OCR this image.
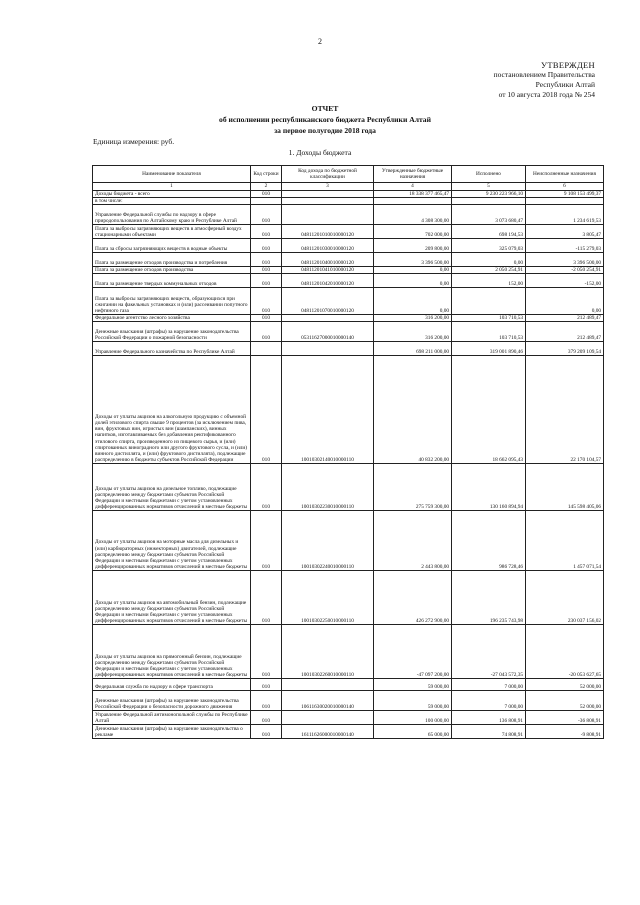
2
УТВЕРЖДЕН
постановлением Правительства
Республики Алтай
от 10 августа 2018 года № 254
ОТЧЕТ
об исполнении республиканского бюджета Республики Алтай
за первое полугодие 2018 года
Единица измерения: руб.
1. Доходы бюджета
Наименование показателя	Код строки	Код дохода по бюджетной классификации	Утвержденные бюджетные назначения	Исполнено	Неисполненные назначения
1	2	3	4	5	6
Доходы бюджета - всего	010		18 338 377 465,47	9 230 223 966,10	9 108 153 499,37
в том числе:					
Управление Федеральной службы по надзору в сфере природопользования по Алтайскому краю и Республике Алтай	010		4 308 300,00	3 073 680,47	1 234 619,53
Плата за выбросы загрязняющих веществ в атмосферный воздух стационарными объектами	010	04811201010010000120	702 000,00	698 194,53	3 805,47
Плата за сбросы загрязняющих веществ в водные объекты	010	04811201030010000120	209 800,00	325 079,03	-115 279,03
Плата за размещение отходов производства и потребления	010	04811201040010000120	3 396 500,00	0,00	3 396 500,00
Плата за размещение отходов производства	010	04811201041010000120	0,00	2 050 254,91	-2 050 254,91
Плата за размещение твердых коммунальных отходов	010	04811201042010000120	0,00	152,00	-152,00
Плата за выбросы загрязняющих веществ, образующихся при сжигании на факельных установках и (или) рассеивании попутного нефтяного газа	010	04811201070010000120	0,00		0,00
Федеральное агентство лесного хозяйства	010		316 200,00	103 710,53	212 489,47
Денежные взыскания (штрафы) за нарушение законодательства Российской Федерации о пожарной безопасности	010	05311627000010000140	316 200,00	103 710,53	212 489,47
Управление Федерального казначейства по Республике Алтай			698 211 000,00	319 001 890,46	379 209 109,54
Доходы от уплаты акцизов на алкогольную продукцию с объемной долей этилового спирта свыше 9 процентов (за исключением пива, вин, фруктовых вин, игристых вин (шампанских), винных напитков, изготавливаемых без добавления ректификованного этилового спирта, произведенного из пищевого сырья, и (или) спиртованных виноградного или другого фруктового сусла, и (или) винного дистиллята, и (или) фруктового дистиллята), подлежащие распределению в бюджеты субъектов Российской Федерации	010	10010302140010000110	40 832 200,00	18 662 095,43	22 170 104,57
Доходы от уплаты акцизов на дизельное топливо, подлежащие распределению между бюджетами субъектов Российской Федерации и местными бюджетами с учетом установленных дифференцированных нормативов отчислений в местные бюджеты	010	10010302230010000110	275 759 300,00	130 160 894,94	145 598 405,06
Доходы от уплаты акцизов на моторные масла для дизельных и (или) карбюраторных (инжекторных) двигателей, подлежащие распределению между бюджетами субъектов Российской Федерации и местными бюджетами с учетом установленных дифференцированных нормативов отчислений в местные бюджеты	010	10010302240010000110	2 443 800,00	986 728,46	1 457 071,54
Доходы от уплаты акцизов на автомобильный бензин, подлежащие распределению между бюджетами субъектов Российской Федерации и местными бюджетами с учетом установленных дифференцированных нормативов отчислений в местные бюджеты	010	10010302250010000110	426 272 900,00	196 235 743,98	230 037 156,02
Доходы от уплаты акцизов на прямогонный бензин, подлежащие распределению между бюджетами субъектов Российской Федерации и местными бюджетами с учетом установленных дифференцированных нормативов отчислений в местные бюджеты	010	10010302260010000110	-47 097 200,00	-27 043 572,35	-20 053 627,65
Федеральная служба по надзору в сфере транспорта	010		59 000,00	7 000,00	52 000,00
Денежные взыскания (штрафы) за нарушение законодательства Российской Федерации о безопасности дорожного движения	010	10611630020010000140	59 000,00	7 000,00	52 000,00
Управление Федеральной антимонопольной службы по Республике Алтай	010		100 000,00	136 808,91	-36 808,91
Денежные взыскания (штрафы) за нарушение законодательства о рекламе	010	16111626000010000140	65 000,00	74 808,91	-9 808,91
